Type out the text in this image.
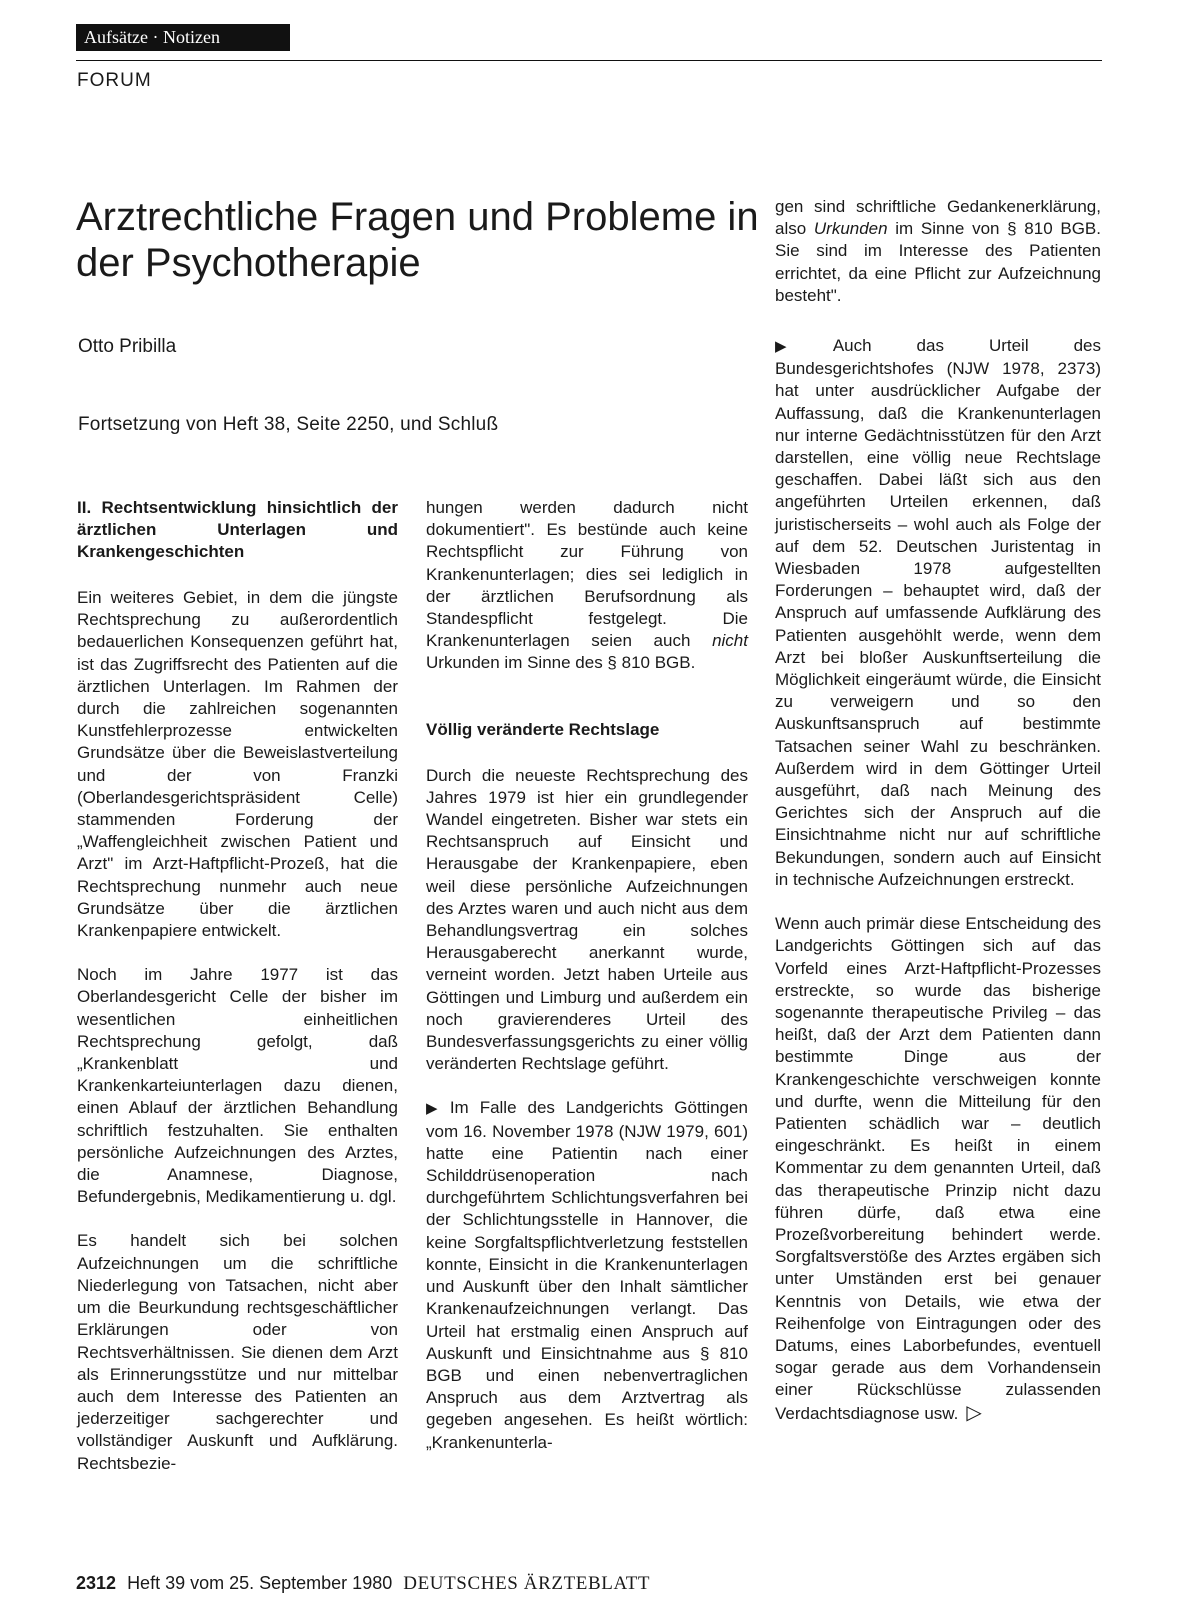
Aufsätze · Notizen
FORUM
Arztrechtliche Fragen und Probleme in der Psychotherapie
Otto Pribilla
Fortsetzung von Heft 38, Seite 2250, und Schluß
II. Rechtsentwicklung hinsichtlich der ärztlichen Unterlagen und Krankengeschichten

Ein weiteres Gebiet, in dem die jüngste Rechtsprechung zu außerordentlich bedauerlichen Konsequenzen geführt hat, ist das Zugriffsrecht des Patienten auf die ärztlichen Unterlagen. Im Rahmen der durch die zahlreichen sogenannten Kunstfehlerprozesse entwickelten Grundsätze über die Beweislastverteilung und der von Franzki (Oberlandesgerichtspräsident Celle) stammenden Forderung der „Waffengleichheit zwischen Patient und Arzt" im Arzt-Haftpflicht-Prozeß, hat die Rechtsprechung nunmehr auch neue Grundsätze über die ärztlichen Krankenpapiere entwickelt.

Noch im Jahre 1977 ist das Oberlandesgericht Celle der bisher im wesentlichen einheitlichen Rechtsprechung gefolgt, daß „Krankenblatt und Krankenkarteiunterlagen dazu dienen, einen Ablauf der ärztlichen Behandlung schriftlich festzuhalten. Sie enthalten persönliche Aufzeichnungen des Arztes, die Anamnese, Diagnose, Befundergebnis, Medikamentierung u. dgl.

Es handelt sich bei solchen Aufzeichnungen um die schriftliche Niederlegung von Tatsachen, nicht aber um die Beurkundung rechtsgeschäftlicher Erklärungen oder von Rechtsverhältnissen. Sie dienen dem Arzt als Erinnerungsstütze und nur mittelbar auch dem Interesse des Patienten an jederzeitiger sachgerechter und vollständiger Auskunft und Aufklärung. Rechtsbezie-

hungen werden dadurch nicht dokumentiert". Es bestünde auch keine Rechtspflicht zur Führung von Krankenunterlagen; dies sei lediglich in der ärztlichen Berufsordnung als Standespflicht festgelegt. Die Krankenunterlagen seien auch nicht Urkunden im Sinne des § 810 BGB.

Völlig veränderte Rechtslage

Durch die neueste Rechtsprechung des Jahres 1979 ist hier ein grundlegender Wandel eingetreten. Bisher war stets ein Rechtsanspruch auf Einsicht und Herausgabe der Krankenpapiere, eben weil diese persönliche Aufzeichnungen des Arztes waren und auch nicht aus dem Behandlungsvertrag ein solches Herausgaberecht anerkannt wurde, verneint worden. Jetzt haben Urteile aus Göttingen und Limburg und außerdem ein noch gravierenderes Urteil des Bundesverfassungsgerichts zu einer völlig veränderten Rechtslage geführt.

▶ Im Falle des Landgerichts Göttingen vom 16. November 1978 (NJW 1979, 601) hatte eine Patientin nach einer Schilddrüsenoperation nach durchgeführtem Schlichtungsverfahren bei der Schlichtungsstelle in Hannover, die keine Sorgfaltspflichtverletzung feststellen konnte, Einsicht in die Krankenunterlagen und Auskunft über den Inhalt sämtlicher Krankenaufzeichnungen verlangt. Das Urteil hat erstmalig einen Anspruch auf Auskunft und Einsichtnahme aus § 810 BGB und einen nebenvertraglichen Anspruch aus dem Arztvertrag als gegeben angesehen. Es heißt wörtlich: „Krankenunterla-

gen sind schriftliche Gedankenerklärung, also Urkunden im Sinne von § 810 BGB. Sie sind im Interesse des Patienten errichtet, da eine Pflicht zur Aufzeichnung besteht".

▶ Auch das Urteil des Bundesgerichtshofes (NJW 1978, 2373) hat unter ausdrücklicher Aufgabe der Auffassung, daß die Krankenunterlagen nur interne Gedächtnisstützen für den Arzt darstellen, eine völlig neue Rechtslage geschaffen. Dabei läßt sich aus den angeführten Urteilen erkennen, daß juristischerseits – wohl auch als Folge der auf dem 52. Deutschen Juristentag in Wiesbaden 1978 aufgestellten Forderungen – behauptet wird, daß der Anspruch auf umfassende Aufklärung des Patienten ausgehöhlt werde, wenn dem Arzt bei bloßer Auskunftserteilung die Möglichkeit eingeräumt würde, die Einsicht zu verweigern und so den Auskunftsanspruch auf bestimmte Tatsachen seiner Wahl zu beschränken. Außerdem wird in dem Göttinger Urteil ausgeführt, daß nach Meinung des Gerichtes sich der Anspruch auf die Einsichtnahme nicht nur auf schriftliche Bekundungen, sondern auch auf Einsicht in technische Aufzeichnungen erstreckt.

Wenn auch primär diese Entscheidung des Landgerichts Göttingen sich auf das Vorfeld eines Arzt-Haftpflicht-Prozesses erstreckte, so wurde das bisherige sogenannte therapeutische Privileg – das heißt, daß der Arzt dem Patienten dann bestimmte Dinge aus der Krankengeschichte verschweigen konnte und durfte, wenn die Mitteilung für den Patienten schädlich war – deutlich eingeschränkt. Es heißt in einem Kommentar zu dem genannten Urteil, daß das therapeutische Prinzip nicht dazu führen dürfe, daß etwa eine Prozeßvorbereitung behindert werde. Sorgfaltsverstöße des Arztes ergäben sich unter Umständen erst bei genauer Kenntnis von Details, wie etwa der Reihenfolge von Eintragungen oder des Datums, eines Laborbefundes, eventuell sogar gerade aus dem Vorhandensein einer Rückschlüsse zulassenden Verdachtsdiagnose usw. ▷

2312 Heft 39 vom 25. September 1980 DEUTSCHES ÄRZTEBLATT
